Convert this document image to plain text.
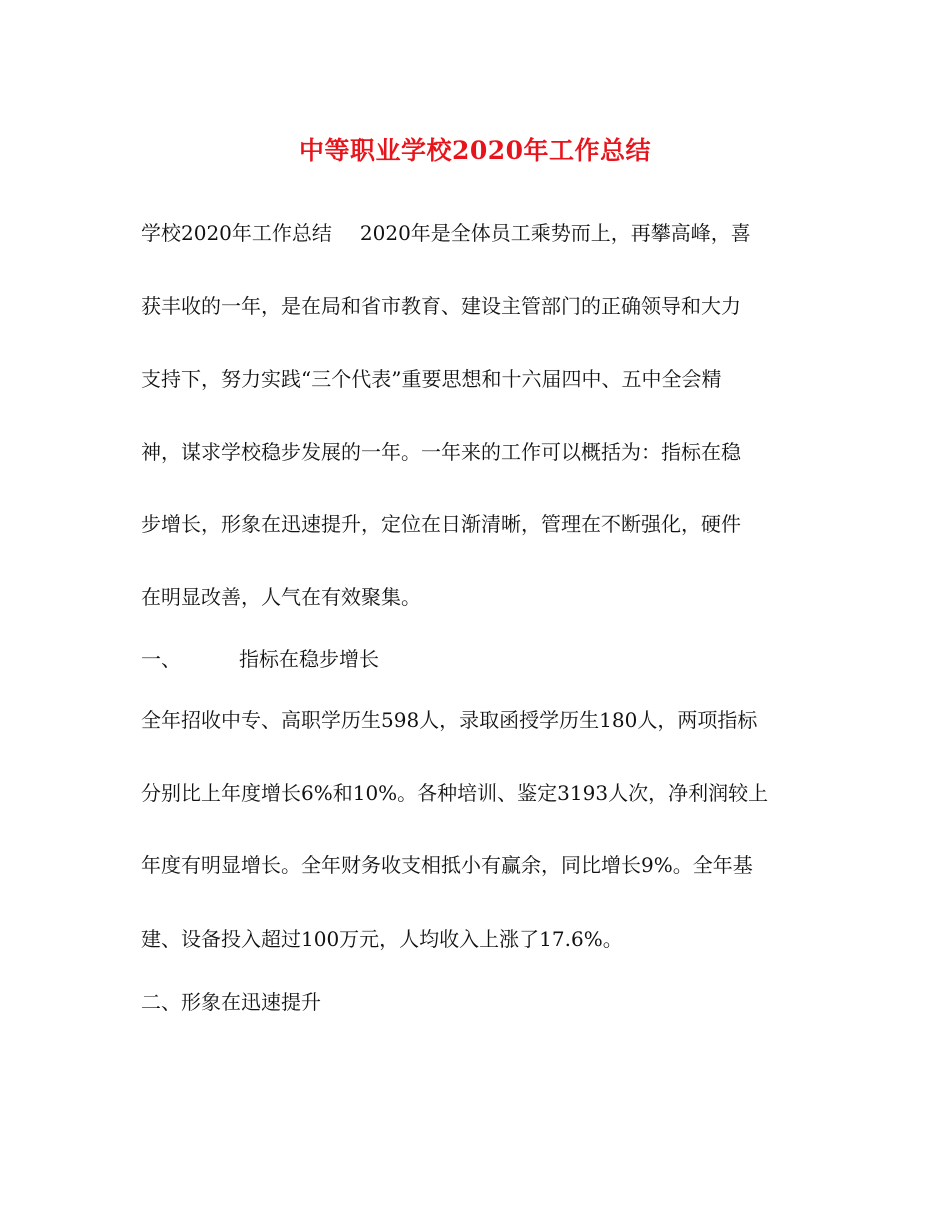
中等职业学校2020年工作总结
学校2020年工作总结 2020年是全体员工乘势而上，再攀高峰，喜
获丰收的一年，是在局和省市教育、建设主管部门的正确领导和大力
支持下，努力实践“三个代表”重要思想和十六届四中、五中全会精
神，谋求学校稳步发展的一年。一年来的工作可以概括为：指标在稳
步增长，形象在迅速提升，定位在日渐清晰，管理在不断强化，硬件
在明显改善，人气在有效聚集。
一、	指标在稳步增长
全年招收中专、高职学历生598人，录取函授学历生180人，两项指标
分别比上年度增长6%和10%。各种培训、鉴定3193人次，净利润较上
年度有明显增长。全年财务收支相抵小有赢余，同比增长9%。全年基
建、设备投入超过100万元，人均收入上涨了17.6%。
二、形象在迅速提升
